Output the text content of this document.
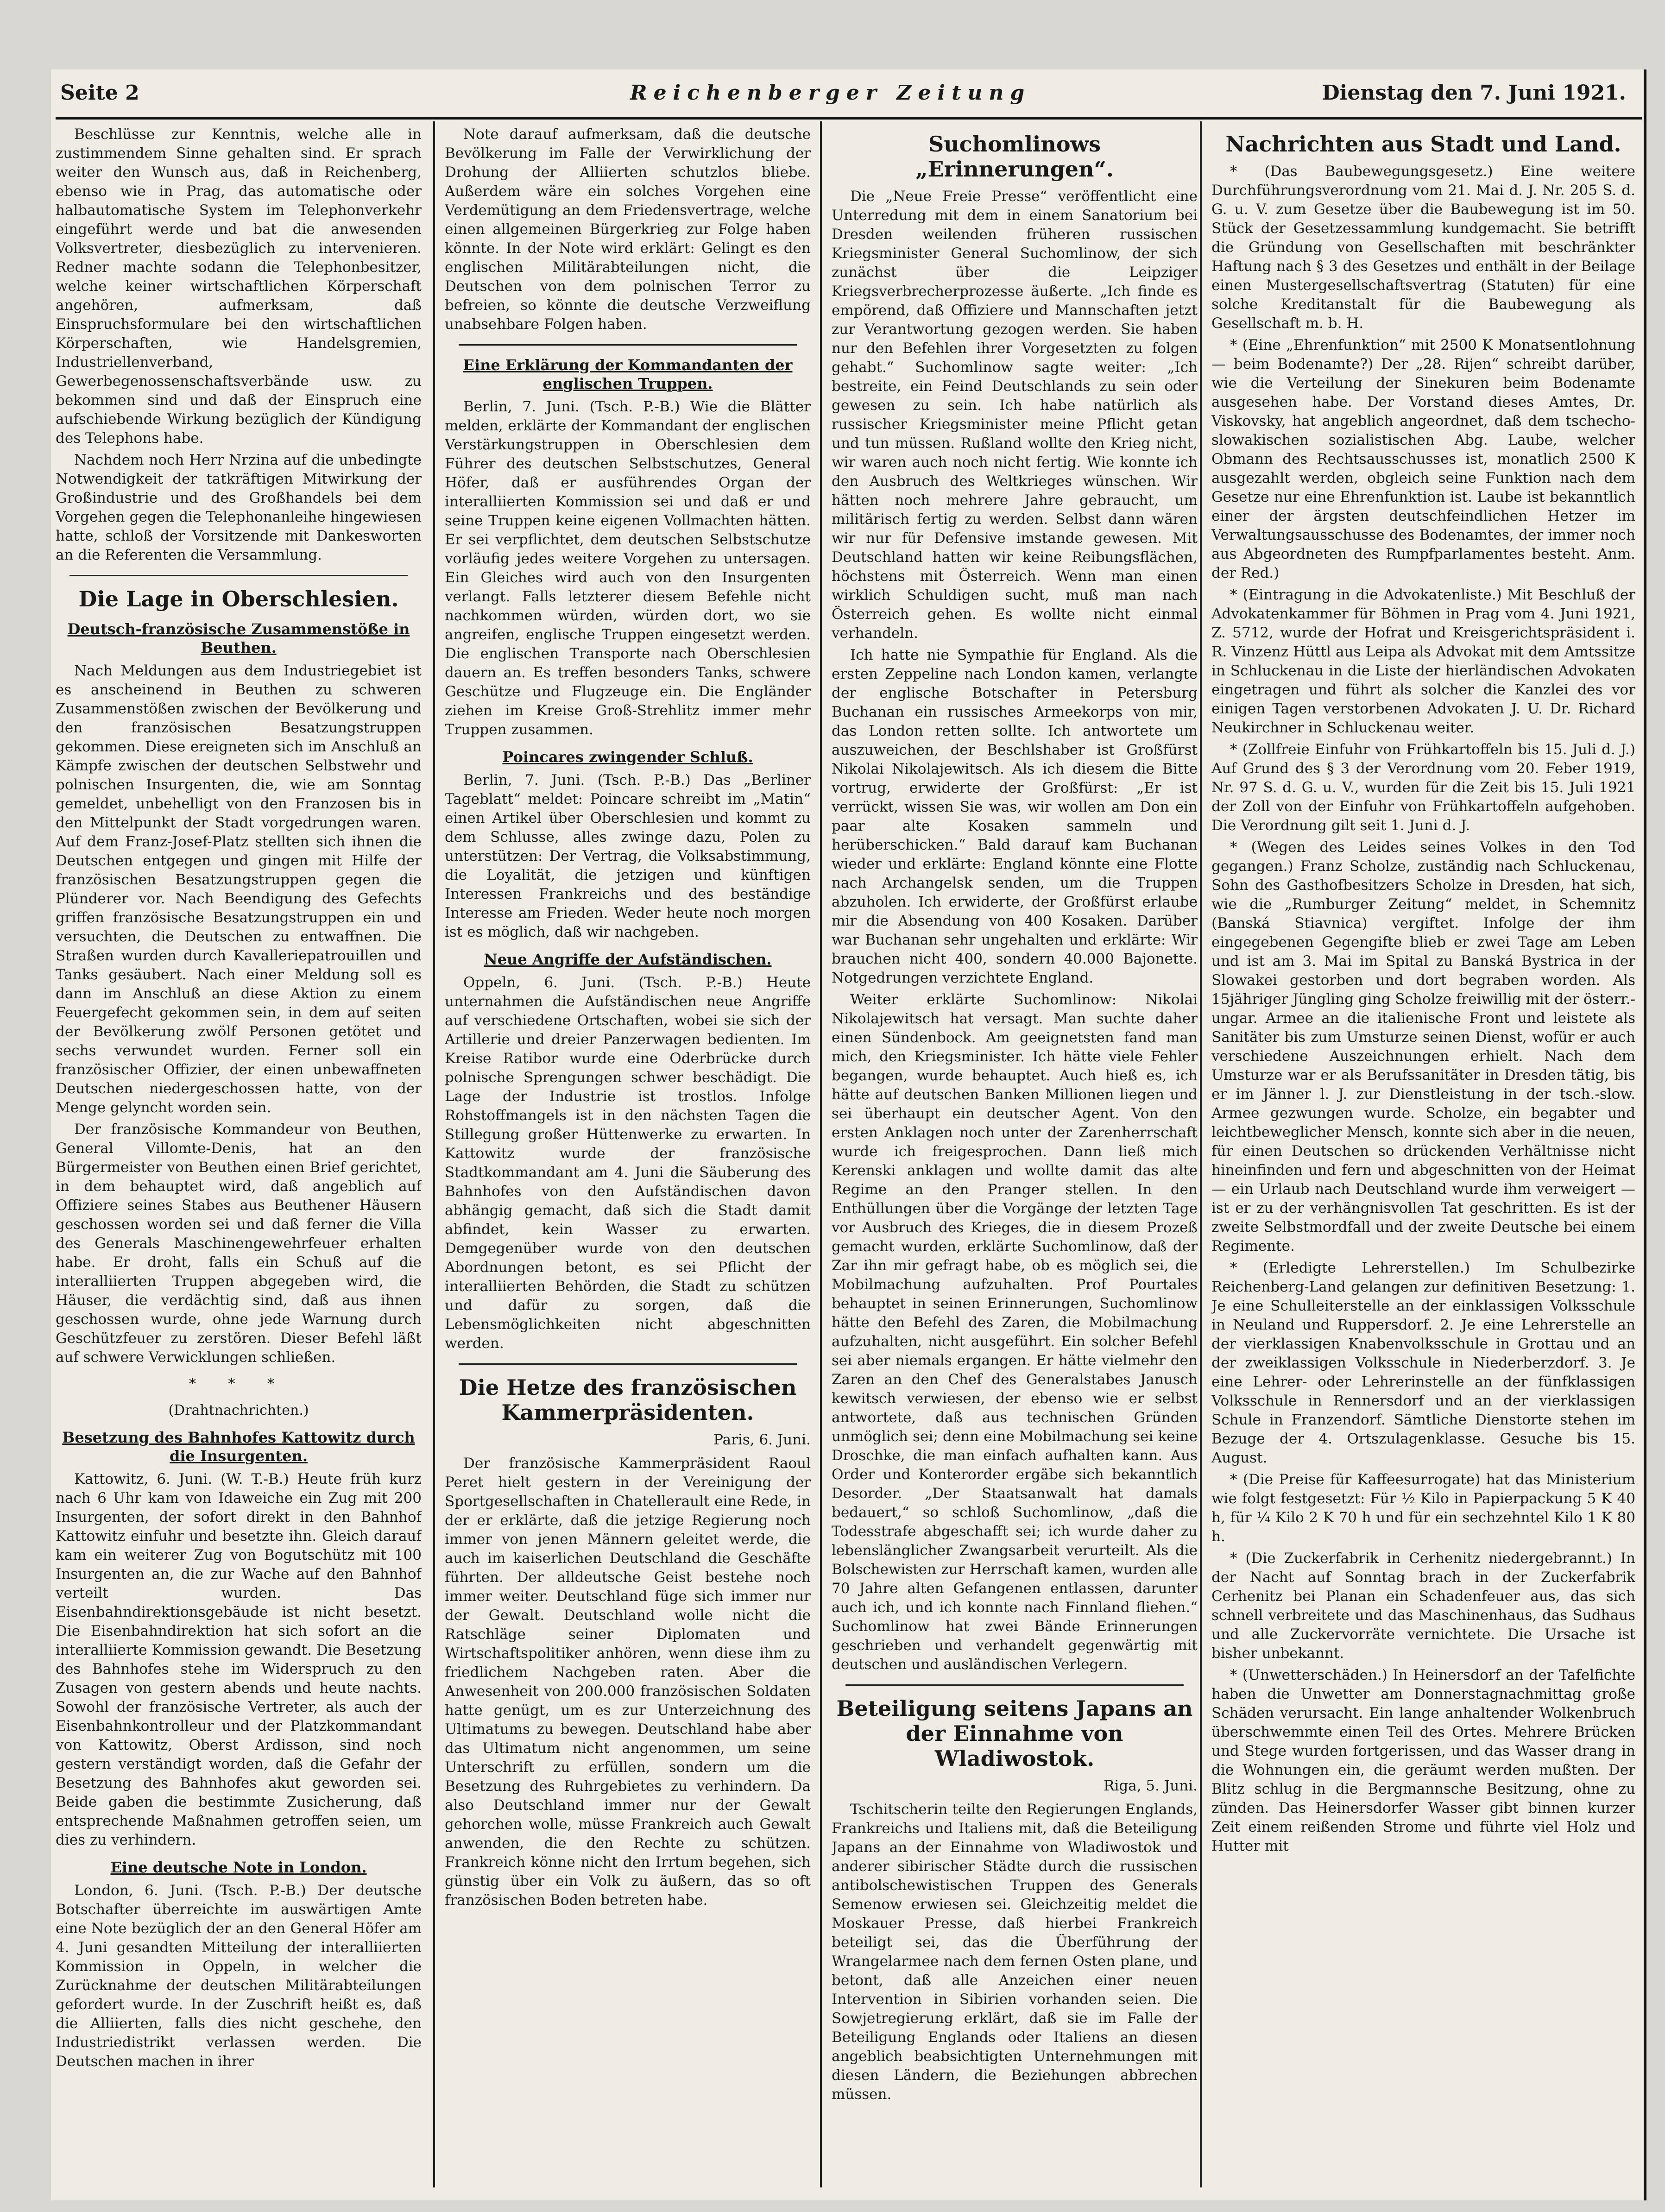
Seite 2	Reichenberger Zeitung	Dienstag den 7. Juni 1921.

Beschlüsse zur Kenntnis, welche alle in zustimmendem Sinne gehalten sind. Er sprach weiter den Wunsch aus, daß in Reichenberg, ebenso wie in Prag, das automatische oder halbautomatische System im Telephonverkehr eingeführt werde und bat die anwesenden Volksvertreter, diesbezüglich zu intervenieren. Redner machte sodann die Telephonbesitzer, welche keiner wirtschaftlichen Körperschaft angehören, aufmerksam, daß Einspruchsformulare bei den wirtschaftlichen Körperschaften, wie Handelsgremien, Industriellenverband, Gewerbegenossenschaftsverbände usw. zu bekommen sind und daß der Einspruch eine aufschiebende Wirkung bezüglich der Kündigung des Telephons habe.

Nachdem noch Herr Nrzina auf die unbedingte Notwendigkeit der tatkräftigen Mitwirkung der Großindustrie und des Großhandels bei dem Vorgehen gegen die Telephonanleihe hingewiesen hatte, schloß der Vorsitzende mit Dankesworten an die Referenten die Versammlung.

Die Lage in Oberschlesien.
Deutsch-französische Zusammenstöße in Beuthen.

Nach Meldungen aus dem Industriegebiet ist es anscheinend in Beuthen zu schweren Zusammenstößen zwischen der Bevölkerung und den französischen Besatzungstruppen gekommen. Diese ereigneten sich im Anschluß an Kämpfe zwischen der deutschen Selbstwehr und polnischen Insurgenten, die, wie am Sonntag gemeldet, unbehelligt von den Franzosen bis in den Mittelpunkt der Stadt vorgedrungen waren. Auf dem Franz-Josef-Platz stellten sich ihnen die Deutschen entgegen und gingen mit Hilfe der französischen Besatzungstruppen gegen die Plünderer vor. Nach Beendigung des Gefechts griffen französische Besatzungstruppen ein und versuchten, die Deutschen zu entwaffnen. Die Straßen wurden durch Kavalleriepatrouillen und Tanks gesäubert. Nach einer Meldung soll es dann im Anschluß an diese Aktion zu einem Feuergefecht gekommen sein, in dem auf seiten der Bevölkerung zwölf Personen getötet und sechs verwundet wurden. Ferner soll ein französischer Offizier, der einen unbewaffneten Deutschen niedergeschossen hatte, von der Menge gelyncht worden sein.

Der französische Kommandeur von Beuthen, General Villomte-Denis, hat an den Bürgermeister von Beuthen einen Brief gerichtet, in dem behauptet wird, daß angeblich auf Offiziere seines Stabes aus Beuthener Häusern geschossen worden sei und daß ferner die Villa des Generals Maschinengewehrfeuer erhalten habe. Er droht, falls ein Schuß auf die interalliierten Truppen abgegeben wird, die Häuser, die verdächtig sind, daß aus ihnen geschossen wurde, ohne jede Warnung durch Geschützfeuer zu zerstören. Dieser Befehl läßt auf schwere Verwicklungen schließen.

* * *
(Drahtnachrichten.)
Besetzung des Bahnhofes Kattowitz durch die Insurgenten.

Kattowitz, 6. Juni. (W. T.-B.) Heute früh kurz nach 6 Uhr kam von Idaweiche ein Zug mit 200 Insurgenten, der sofort direkt in den Bahnhof Kattowitz einfuhr und besetzte ihn. Gleich darauf kam ein weiterer Zug von Bogutschütz mit 100 Insurgenten an, die zur Wache auf den Bahnhof verteilt wurden. Das Eisenbahndirektionsgebäude ist nicht besetzt. Die Eisenbahndirektion hat sich sofort an die interalliierte Kommission gewandt. Die Besetzung des Bahnhofes stehe im Widerspruch zu den Zusagen von gestern abends und heute nachts. Sowohl der französische Vertreter, als auch der Eisenbahnkontrolleur und der Platzkommandant von Kattowitz, Oberst Ardisson, sind noch gestern verständigt worden, daß die Gefahr der Besetzung des Bahnhofes akut geworden sei. Beide gaben die bestimmte Zusicherung, daß entsprechende Maßnahmen getroffen seien, um dies zu verhindern.

Eine deutsche Note in London.

London, 6. Juni. (Tsch. P.-B.) Der deutsche Botschafter überreichte im auswärtigen Amte eine Note bezüglich der an den General Höfer am 4. Juni gesandten Mitteilung der interalliierten Kommission in Oppeln, in welcher die Zurücknahme der deutschen Militärabteilungen gefordert wurde. In der Zuschrift heißt es, daß die Alliierten, falls dies nicht geschehe, den Industriedistrikt verlassen werden. Die Deutschen machen in ihrer

Note darauf aufmerksam, daß die deutsche Bevölkerung im Falle der Verwirklichung der Drohung der Alliierten schutzlos bliebe. Außerdem wäre ein solches Vorgehen eine Verdemütigung an dem Friedensvertrage, welche einen allgemeinen Bürgerkrieg zur Folge haben könnte. In der Note wird erklärt: Gelingt es den englischen Militärabteilungen nicht, die Deutschen von dem polnischen Terror zu befreien, so könnte die deutsche Verzweiflung unabsehbare Folgen haben.

Eine Erklärung der Kommandanten der englischen Truppen.

Berlin, 7. Juni. (Tsch. P.-B.) Wie die Blätter melden, erklärte der Kommandant der englischen Verstärkungstruppen in Oberschlesien dem Führer des deutschen Selbstschutzes, General Höfer, daß er ausführendes Organ der interalliierten Kommission sei und daß er und seine Truppen keine eigenen Vollmachten hätten. Er sei verpflichtet, dem deutschen Selbstschutze vorläufig jedes weitere Vorgehen zu untersagen. Ein Gleiches wird auch von den Insurgenten verlangt. Falls letzterer diesem Befehle nicht nachkommen würden, würden dort, wo sie angreifen, englische Truppen eingesetzt werden. Die englischen Transporte nach Oberschlesien dauern an. Es treffen besonders Tanks, schwere Geschütze und Flugzeuge ein. Die Engländer ziehen im Kreise Groß-Strehlitz immer mehr Truppen zusammen.

Poincares zwingender Schluß.

Berlin, 7. Juni. (Tsch. P.-B.) Das „Berliner Tageblatt“ meldet: Poincare schreibt im „Matin“ einen Artikel über Oberschlesien und kommt zu dem Schlusse, alles zwinge dazu, Polen zu unterstützen: Der Vertrag, die Volksabstimmung, die Loyalität, die jetzigen und künftigen Interessen Frankreichs und des beständige Interesse am Frieden. Weder heute noch morgen ist es möglich, daß wir nachgeben.

Neue Angriffe der Aufständischen.

Oppeln, 6. Juni. (Tsch. P.-B.) Heute unternahmen die Aufständischen neue Angriffe auf verschiedene Ortschaften, wobei sie sich der Artillerie und dreier Panzerwagen bedienten. Im Kreise Ratibor wurde eine Oderbrücke durch polnische Sprengungen schwer beschädigt. Die Lage der Industrie ist trostlos. Infolge Rohstoffmangels ist in den nächsten Tagen die Stillegung großer Hüttenwerke zu erwarten. In Kattowitz wurde der französische Stadtkommandant am 4. Juni die Säuberung des Bahnhofes von den Aufständischen davon abhängig gemacht, daß sich die Stadt damit abfindet, kein Wasser zu erwarten. Demgegenüber wurde von den deutschen Abordnungen betont, es sei Pflicht der interalliierten Behörden, die Stadt zu schützen und dafür zu sorgen, daß die Lebensmöglichkeiten nicht abgeschnitten werden.

Die Hetze des französischen Kammerpräsidenten.
Paris, 6. Juni.

Der französische Kammerpräsident Raoul Peret hielt gestern in der Vereinigung der Sportgesellschaften in Chatellerault eine Rede, in der er erklärte, daß die jetzige Regierung noch immer von jenen Männern geleitet werde, die auch im kaiserlichen Deutschland die Geschäfte führten. Der alldeutsche Geist bestehe noch immer weiter. Deutschland füge sich immer nur der Gewalt. Deutschland wolle nicht die Ratschläge seiner Diplomaten und Wirtschaftspolitiker anhören, wenn diese ihm zu friedlichem Nachgeben raten. Aber die Anwesenheit von 200.000 französischen Soldaten hatte genügt, um es zur Unterzeichnung des Ultimatums zu bewegen. Deutschland habe aber das Ultimatum nicht angenommen, um seine Unterschrift zu erfüllen, sondern um die Besetzung des Ruhrgebietes zu verhindern. Da also Deutschland immer nur der Gewalt gehorchen wolle, müsse Frankreich auch Gewalt anwenden, die den Rechte zu schützen. Frankreich könne nicht den Irrtum begehen, sich günstig über ein Volk zu äußern, das so oft französischen Boden betreten habe.

Suchomlinows „Erinnerungen“.

Die „Neue Freie Presse“ veröffentlicht eine Unterredung mit dem in einem Sanatorium bei Dresden weilenden früheren russischen Kriegsminister General Suchomlinow, der sich zunächst über die Leipziger Kriegsverbrecherprozesse äußerte. „Ich finde es empörend, daß Offiziere und Mannschaften jetzt zur Verantwortung gezogen werden. Sie haben nur den Befehlen ihrer Vorgesetzten zu folgen gehabt.“ Suchomlinow sagte weiter: „Ich bestreite, ein Feind Deutschlands zu sein oder gewesen zu sein. Ich habe natürlich als russischer Kriegsminister meine Pflicht getan und tun müssen. Rußland wollte den Krieg nicht, wir waren auch noch nicht fertig. Wie konnte ich den Ausbruch des Weltkrieges wünschen. Wir hätten noch mehrere Jahre gebraucht, um militärisch fertig zu werden. Selbst dann wären wir nur für Defensive imstande gewesen. Mit Deutschland hatten wir keine Reibungsflächen, höchstens mit Österreich. Wenn man einen wirklich Schuldigen sucht, muß man nach Österreich gehen. Es wollte nicht einmal verhandeln.

Ich hatte nie Sympathie für England. Als die ersten Zeppeline nach London kamen, verlangte der englische Botschafter in Petersburg Buchanan ein russisches Armeekorps von mir, das London retten sollte. Ich antwortete um auszuweichen, der Beschlshaber ist Großfürst Nikolai Nikolajewitsch. Als ich diesem die Bitte vortrug, erwiderte der Großfürst: „Er ist verrückt, wissen Sie was, wir wollen am Don ein paar alte Kosaken sammeln und herüberschicken.“ Bald darauf kam Buchanan wieder und erklärte: England könnte eine Flotte nach Archangelsk senden, um die Truppen abzuholen. Ich erwiderte, der Großfürst erlaube mir die Absendung von 400 Kosaken. Darüber war Buchanan sehr ungehalten und erklärte: Wir brauchen nicht 400, sondern 40.000 Bajonette. Notgedrungen verzichtete England.

Weiter erklärte Suchomlinow: Nikolai Nikolajewitsch hat versagt. Man suchte daher einen Sündenbock. Am geeignetsten fand man mich, den Kriegsminister. Ich hätte viele Fehler begangen, wurde behauptet. Auch hieß es, ich hätte auf deutschen Banken Millionen liegen und sei überhaupt ein deutscher Agent. Von den ersten Anklagen noch unter der Zarenherrschaft wurde ich freigesprochen. Dann ließ mich Kerenski anklagen und wollte damit das alte Regime an den Pranger stellen. In den Enthüllungen über die Vorgänge der letzten Tage vor Ausbruch des Krieges, die in diesem Prozeß gemacht wurden, erklärte Suchomlinow, daß der Zar ihn mir gefragt habe, ob es möglich sei, die Mobilmachung aufzuhalten. Prof Pourtales behauptet in seinen Erinnerungen, Suchomlinow hätte den Befehl des Zaren, die Mobilmachung aufzuhalten, nicht ausgeführt. Ein solcher Befehl sei aber niemals ergangen. Er hätte vielmehr den Zaren an den Chef des Generalstabes Janusch kewitsch verwiesen, der ebenso wie er selbst antwortete, daß aus technischen Gründen unmöglich sei; denn eine Mobilmachung sei keine Droschke, die man einfach aufhalten kann. Aus Order und Konterorder ergäbe sich bekanntlich Desorder. „Der Staatsanwalt hat damals bedauert,“ so schloß Suchomlinow, „daß die Todesstrafe abgeschafft sei; ich wurde daher zu lebenslänglicher Zwangsarbeit verurteilt. Als die Bolschewisten zur Herrschaft kamen, wurden alle 70 Jahre alten Gefangenen entlassen, darunter auch ich, und ich konnte nach Finnland fliehen.“ Suchomlinow hat zwei Bände Erinnerungen geschrieben und verhandelt gegenwärtig mit deutschen und ausländischen Verlegern.

Beteiligung seitens Japans an der Einnahme von Wladiwostok.
Riga, 5. Juni.

Tschitscherin teilte den Regierungen Englands, Frankreichs und Italiens mit, daß die Beteiligung Japans an der Einnahme von Wladiwostok und anderer sibirischer Städte durch die russischen antibolschewistischen Truppen des Generals Semenow erwiesen sei. Gleichzeitig meldet die Moskauer Presse, daß hierbei Frankreich beteiligt sei, das die Überführung der Wrangelarmee nach dem fernen Osten plane, und betont, daß alle Anzeichen einer neuen Intervention in Sibirien vorhanden seien. Die Sowjetregierung erklärt, daß sie im Falle der Beteiligung Englands oder Italiens an diesen angeblich beabsichtigten Unternehmungen mit diesen Ländern, die Beziehungen abbrechen müssen.

Nachrichten aus Stadt und Land.

* (Das Baubewegungsgesetz.) Eine weitere Durchführungsverordnung vom 21. Mai d. J. Nr. 205 S. d. G. u. V. zum Gesetze über die Baubewegung ist im 50. Stück der Gesetzessammlung kundgemacht. Sie betrifft die Gründung von Gesellschaften mit beschränkter Haftung nach § 3 des Gesetzes und enthält in der Beilage einen Mustergesellschaftsvertrag (Statuten) für eine solche Kreditanstalt für die Baubewegung als Gesellschaft m. b. H.

* (Eine „Ehrenfunktion“ mit 2500 K Monatsentlohnung — beim Bodenamte?) Der „28. Rijen“ schreibt darüber, wie die Verteilung der Sinekuren beim Bodenamte ausgesehen habe. Der Vorstand dieses Amtes, Dr. Viskovsky, hat angeblich angeordnet, daß dem tschecho-slowakischen sozialistischen Abg. Laube, welcher Obmann des Rechtsausschusses ist, monatlich 2500 K ausgezahlt werden, obgleich seine Funktion nach dem Gesetze nur eine Ehrenfunktion ist. Laube ist bekanntlich einer der ärgsten deutschfeindlichen Hetzer im Verwaltungsausschusse des Bodenamtes, der immer noch aus Abgeordneten des Rumpfparlamentes besteht. Anm. der Red.)

* (Eintragung in die Advokatenliste.) Mit Beschluß der Advokatenkammer für Böhmen in Prag vom 4. Juni 1921, Z. 5712, wurde der Hofrat und Kreisgerichtspräsident i. R. Vinzenz Hüttl aus Leipa als Advokat mit dem Amtssitze in Schluckenau in die Liste der hierländischen Advokaten eingetragen und führt als solcher die Kanzlei des vor einigen Tagen verstorbenen Advokaten J. U. Dr. Richard Neukirchner in Schluckenau weiter.

* (Zollfreie Einfuhr von Frühkartoffeln bis 15. Juli d. J.) Auf Grund des § 3 der Verordnung vom 20. Feber 1919, Nr. 97 S. d. G. u. V., wurden für die Zeit bis 15. Juli 1921 der Zoll von der Einfuhr von Frühkartoffeln aufgehoben. Die Verordnung gilt seit 1. Juni d. J.

* (Wegen des Leides seines Volkes in den Tod gegangen.) Franz Scholze, zuständig nach Schluckenau, Sohn des Gasthofbesitzers Scholze in Dresden, hat sich, wie die „Rumburger Zeitung“ meldet, in Schemnitz (Banská Stiavnica) vergiftet. Infolge der ihm eingegebenen Gegengifte blieb er zwei Tage am Leben und ist am 3. Mai im Spital zu Banská Bystrica in der Slowakei gestorben und dort begraben worden. Als 15jähriger Jüngling ging Scholze freiwillig mit der österr.-ungar. Armee an die italienische Front und leistete als Sanitäter bis zum Umsturze seinen Dienst, wofür er auch verschiedene Auszeichnungen erhielt. Nach dem Umsturze war er als Berufssanitäter in Dresden tätig, bis er im Jänner l. J. zur Dienstleistung in der tsch.-slow. Armee gezwungen wurde. Scholze, ein begabter und leichtbeweglicher Mensch, konnte sich aber in die neuen, für einen Deutschen so drückenden Verhältnisse nicht hineinfinden und fern und abgeschnitten von der Heimat — ein Urlaub nach Deutschland wurde ihm verweigert — ist er zu der verhängnisvollen Tat geschritten. Es ist der zweite Selbstmordfall und der zweite Deutsche bei einem Regimente.

* (Erledigte Lehrerstellen.) Im Schulbezirke Reichenberg-Land gelangen zur definitiven Besetzung: 1. Je eine Schulleiterstelle an der einklassigen Volksschule in Neuland und Ruppersdorf. 2. Je eine Lehrerstelle an der vierklassigen Knabenvolksschule in Grottau und an der zweiklassigen Volksschule in Niederberzdorf. 3. Je eine Lehrer- oder Lehrerinstelle an der fünfklassigen Volksschule in Rennersdorf und an der vierklassigen Schule in Franzendorf. Sämtliche Dienstorte stehen im Bezuge der 4. Ortszulagenklasse. Gesuche bis 15. August.

* (Die Preise für Kaffeesurrogate) hat das Ministerium wie folgt festgesetzt: Für ½ Kilo in Papierpackung 5 K 40 h, für ¼ Kilo 2 K 70 h und für ein sechzehntel Kilo 1 K 80 h.

* (Die Zuckerfabrik in Cerhenitz niedergebrannt.) In der Nacht auf Sonntag brach in der Zuckerfabrik Cerhenitz bei Planan ein Schadenfeuer aus, das sich schnell verbreitete und das Maschinenhaus, das Sudhaus und alle Zuckervorräte vernichtete. Die Ursache ist bisher unbekannt.

* (Unwetterschäden.) In Heinersdorf an der Tafelfichte haben die Unwetter am Donnerstagnachmittag große Schäden verursacht. Ein lange anhaltender Wolkenbruch überschwemmte einen Teil des Ortes. Mehrere Brücken und Stege wurden fortgerissen, und das Wasser drang in die Wohnungen ein, die geräumt werden mußten. Der Blitz schlug in die Bergmannsche Besitzung, ohne zu zünden. Das Heinersdorfer Wasser gibt binnen kurzer Zeit einem reißenden Strome und führte viel Holz und Hutter mit
